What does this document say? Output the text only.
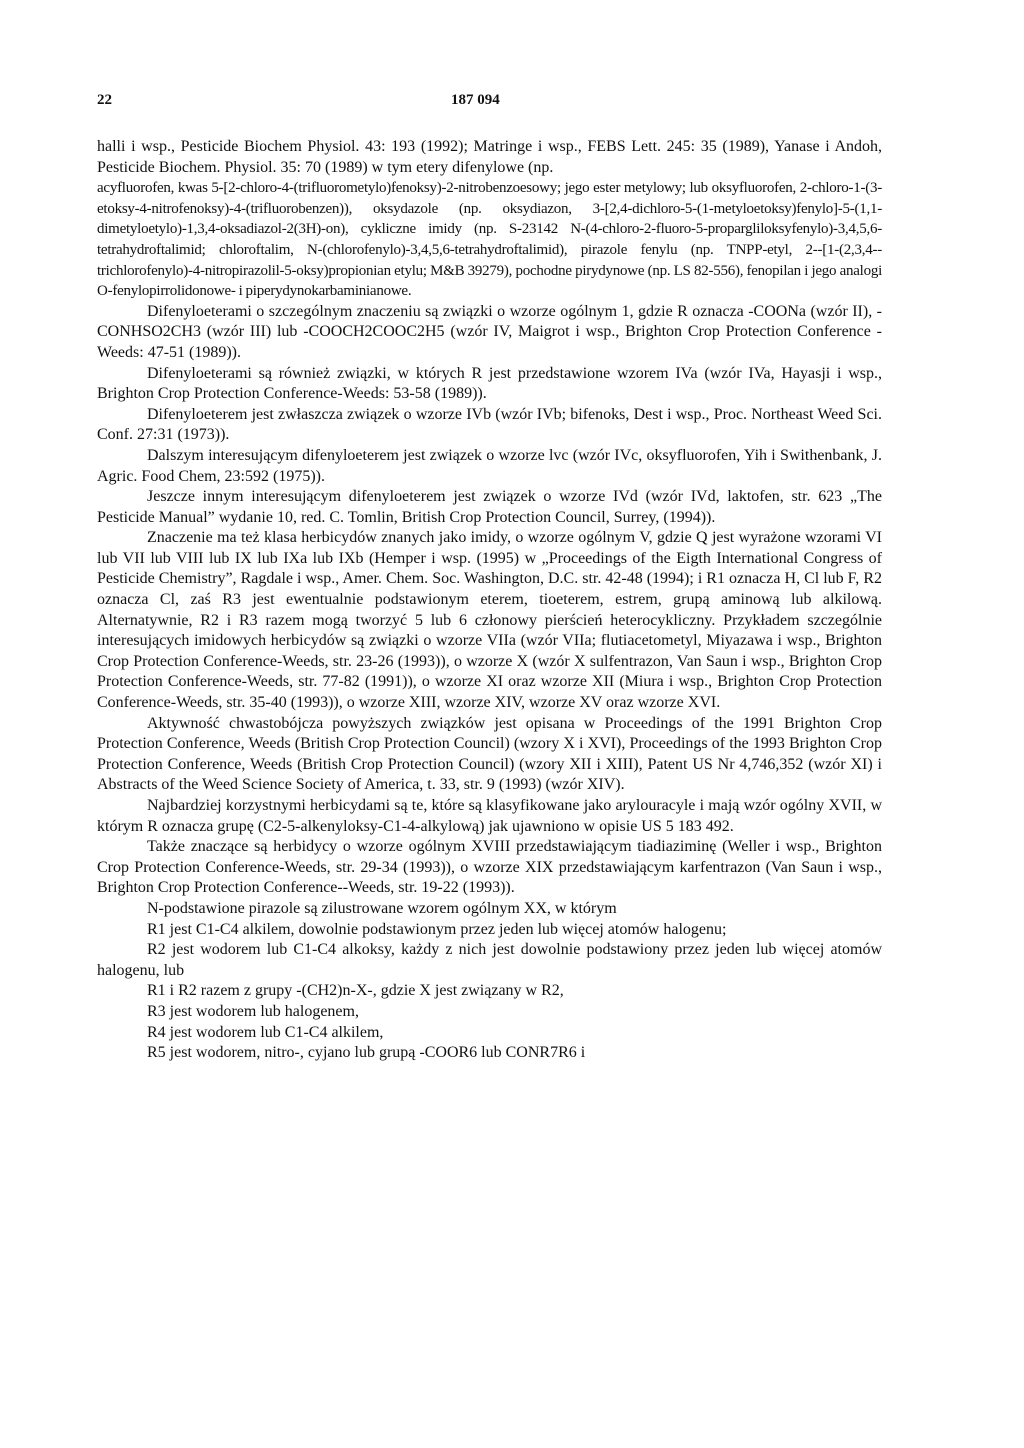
22	187 094

halli i wsp., Pesticide Biochem Physiol. 43: 193 (1992); Matringe i wsp., FEBS Lett. 245: 35 (1989), Yanase i Andoh, Pesticide Biochem. Physiol. 35: 70 (1989) w tym etery difenylowe (np.

acyfluorofen, kwas 5-[2-chloro-4-(trifluorometylo)fenoksy)-2-nitrobenzoesowy; jego ester metylowy; lub oksyfluorofen, 2-chloro-1-(3-etoksy-4-nitrofenoksy)-4-(trifluorobenzen)), oksydazole (np. oksydiazon, 3-[2,4-dichloro-5-(1-metyloetoksy)fenylo]-5-(1,1-dimetyloetylo)-1,3,4-oksadiazol-2(3H)-on), cykliczne imidy (np. S-23142 N-(4-chloro-2-fluoro-5-propargliloksyfenylo)-3,4,5,6-tetrahydroftalimid; chloroftalim, N-(chlorofenylo)-3,4,5,6-tetrahydroftalimid), pirazole fenylu (np. TNPP-etyl, 2--[1-(2,3,4--trichlorofenylo)-4-nitropirazolil-5-oksy)propionian etylu; M&B 39279), pochodne pirydynowe (np. LS 82-556), fenopilan i jego analogi O-fenylopirrolidonowe- i piperydynokarbaminianowe.

Difenyloeterami o szczególnym znaczeniu są związki o wzorze ogólnym 1, gdzie R oznacza -COONa (wzór II), -CONHSO2CH3 (wzór III) lub -COOCH2COOC2H5 (wzór IV, Maigrot i wsp., Brighton Crop Protection Conference - Weeds: 47-51 (1989)).

Difenyloeterami są również związki, w których R jest przedstawione wzorem IVa (wzór IVa, Hayasji i wsp., Brighton Crop Protection Conference-Weeds: 53-58 (1989)).

Difenyloeterem jest zwłaszcza związek o wzorze IVb (wzór IVb; bifenoks, Dest i wsp., Proc. Northeast Weed Sci. Conf. 27:31 (1973)).

Dalszym interesującym difenyloeterem jest związek o wzorze lvc (wzór IVc, oksyfluorofen, Yih i Swithenbank, J. Agric. Food Chem, 23:592 (1975)).

Jeszcze innym interesującym difenyloeterem jest związek o wzorze IVd (wzór IVd, laktofen, str. 623 „The Pesticide Manual” wydanie 10, red. C. Tomlin, British Crop Protection Council, Surrey, (1994)).

Znaczenie ma też klasa herbicydów znanych jako imidy, o wzorze ogólnym V, gdzie Q jest wyrażone wzorami VI lub VII lub VIII lub IX lub IXa lub IXb (Hemper i wsp. (1995) w „Proceedings of the Eigth International Congress of Pesticide Chemistry”, Ragdale i wsp., Amer. Chem. Soc. Washington, D.C. str. 42-48 (1994); i R1 oznacza H, Cl lub F, R2 oznacza Cl, zaś R3 jest ewentualnie podstawionym eterem, tioeterem, estrem, grupą aminową lub alkilową. Alternatywnie, R2 i R3 razem mogą tworzyć 5 lub 6 członowy pierścień heterocykliczny. Przykładem szczególnie interesujących imidowych herbicydów są związki o wzorze VIIa (wzór VIIa; flutiacetometyl, Miyazawa i wsp., Brighton Crop Protection Conference-Weeds, str. 23-26 (1993)), o wzorze X (wzór X sulfentrazon, Van Saun i wsp., Brighton Crop Protection Conference-Weeds, str. 77-82 (1991)), o wzorze XI oraz wzorze XII (Miura i wsp., Brighton Crop Protection Conference-Weeds, str. 35-40 (1993)), o wzorze XIII, wzorze XIV, wzorze XV oraz wzorze XVI.

Aktywność chwastobójcza powyższych związków jest opisana w Proceedings of the 1991 Brighton Crop Protection Conference, Weeds (British Crop Protection Council) (wzory X i XVI), Proceedings of the 1993 Brighton Crop Protection Conference, Weeds (British Crop Protection Council) (wzory XII i XIII), Patent US Nr 4,746,352 (wzór XI) i Abstracts of the Weed Science Society of America, t. 33, str. 9 (1993) (wzór XIV).

Najbardziej korzystnymi herbicydami są te, które są klasyfikowane jako arylouracyle i mają wzór ogólny XVII, w którym R oznacza grupę (C2-5-alkenyloksy-C1-4-alkylową) jak ujawniono w opisie US 5 183 492.

Także znaczące są herbidycy o wzorze ogólnym XVIII przedstawiającym tiadiaziminę (Weller i wsp., Brighton Crop Protection Conference-Weeds, str. 29-34 (1993)), o wzorze XIX przedstawiającym karfentrazon (Van Saun i wsp., Brighton Crop Protection Conference--Weeds, str. 19-22 (1993)).

N-podstawione pirazole są zilustrowane wzorem ogólnym XX, w którym

R1 jest C1-C4 alkilem, dowolnie podstawionym przez jeden lub więcej atomów halogenu;

R2 jest wodorem lub C1-C4 alkoksy, każdy z nich jest dowolnie podstawiony przez jeden lub więcej atomów halogenu, lub

R1 i R2 razem z grupy -(CH2)n-X-, gdzie X jest związany w R2,

R3 jest wodorem lub halogenem,

R4 jest wodorem lub C1-C4 alkilem,

R5 jest wodorem, nitro-, cyjano lub grupą -COOR6 lub CONR7R6 i
